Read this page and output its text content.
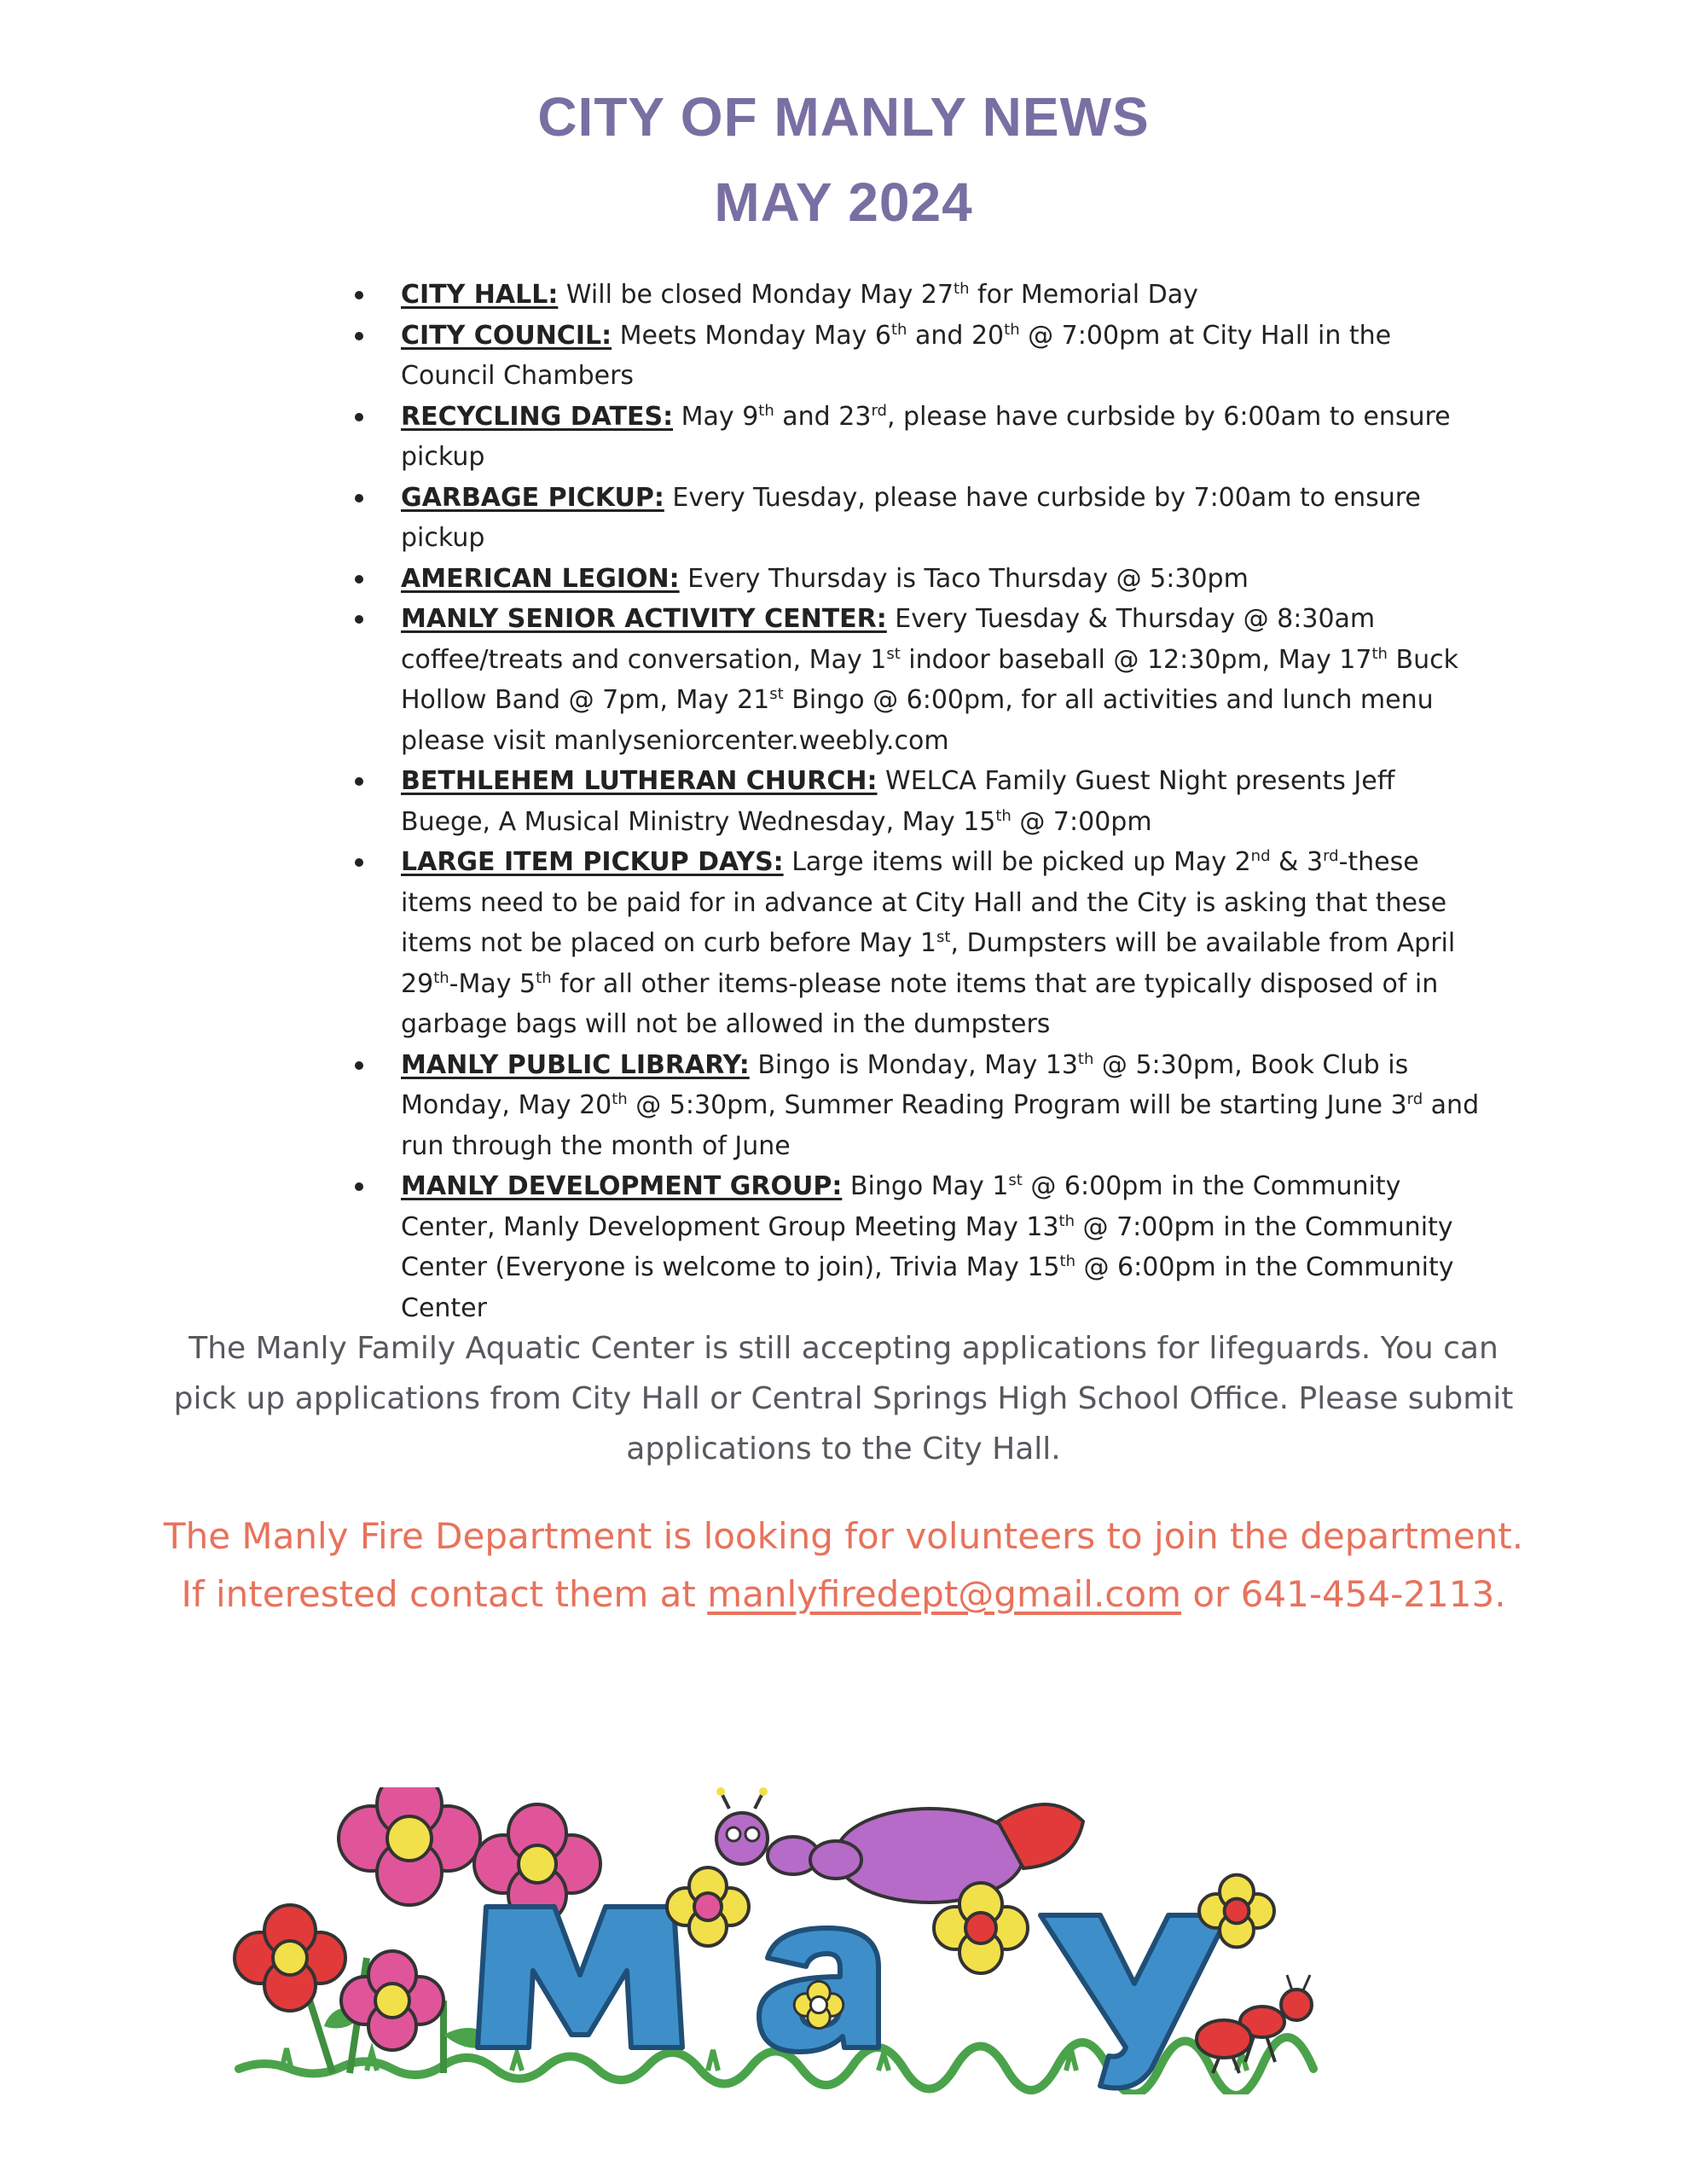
CITY OF MANLY NEWS
MAY 2024
CITY HALL: Will be closed Monday May 27th for Memorial Day
CITY COUNCIL: Meets Monday May 6th and 20th @ 7:00pm at City Hall in the Council Chambers
RECYCLING DATES: May 9th and 23rd, please have curbside by 6:00am to ensure pickup
GARBAGE PICKUP: Every Tuesday, please have curbside by 7:00am to ensure pickup
AMERICAN LEGION: Every Thursday is Taco Thursday @ 5:30pm
MANLY SENIOR ACTIVITY CENTER: Every Tuesday & Thursday @ 8:30am coffee/treats and conversation, May 1st indoor baseball @ 12:30pm, May 17th Buck Hollow Band @ 7pm, May 21st Bingo @ 6:00pm, for all activities and lunch menu please visit manlyseniorcenter.weebly.com
BETHLEHEM LUTHERAN CHURCH: WELCA Family Guest Night presents Jeff Buege, A Musical Ministry Wednesday, May 15th @ 7:00pm
LARGE ITEM PICKUP DAYS: Large items will be picked up May 2nd & 3rd-these items need to be paid for in advance at City Hall and the City is asking that these items not be placed on curb before May 1st, Dumpsters will be available from April 29th-May 5th for all other items-please note items that are typically disposed of in garbage bags will not be allowed in the dumpsters
MANLY PUBLIC LIBRARY: Bingo is Monday, May 13th @ 5:30pm, Book Club is Monday, May 20th @ 5:30pm, Summer Reading Program will be starting June 3rd and run through the month of June
MANLY DEVELOPMENT GROUP: Bingo May 1st @ 6:00pm in the Community Center, Manly Development Group Meeting May 13th @ 7:00pm in the Community Center (Everyone is welcome to join), Trivia May 15th @ 6:00pm in the Community Center

The Manly Family Aquatic Center is still accepting applications for lifeguards. You can pick up applications from City Hall or Central Springs High School Office. Please submit applications to the City Hall.

The Manly Fire Department is looking for volunteers to join the department. If interested contact them at manlyfiredept@gmail.com or 641-454-2113.
